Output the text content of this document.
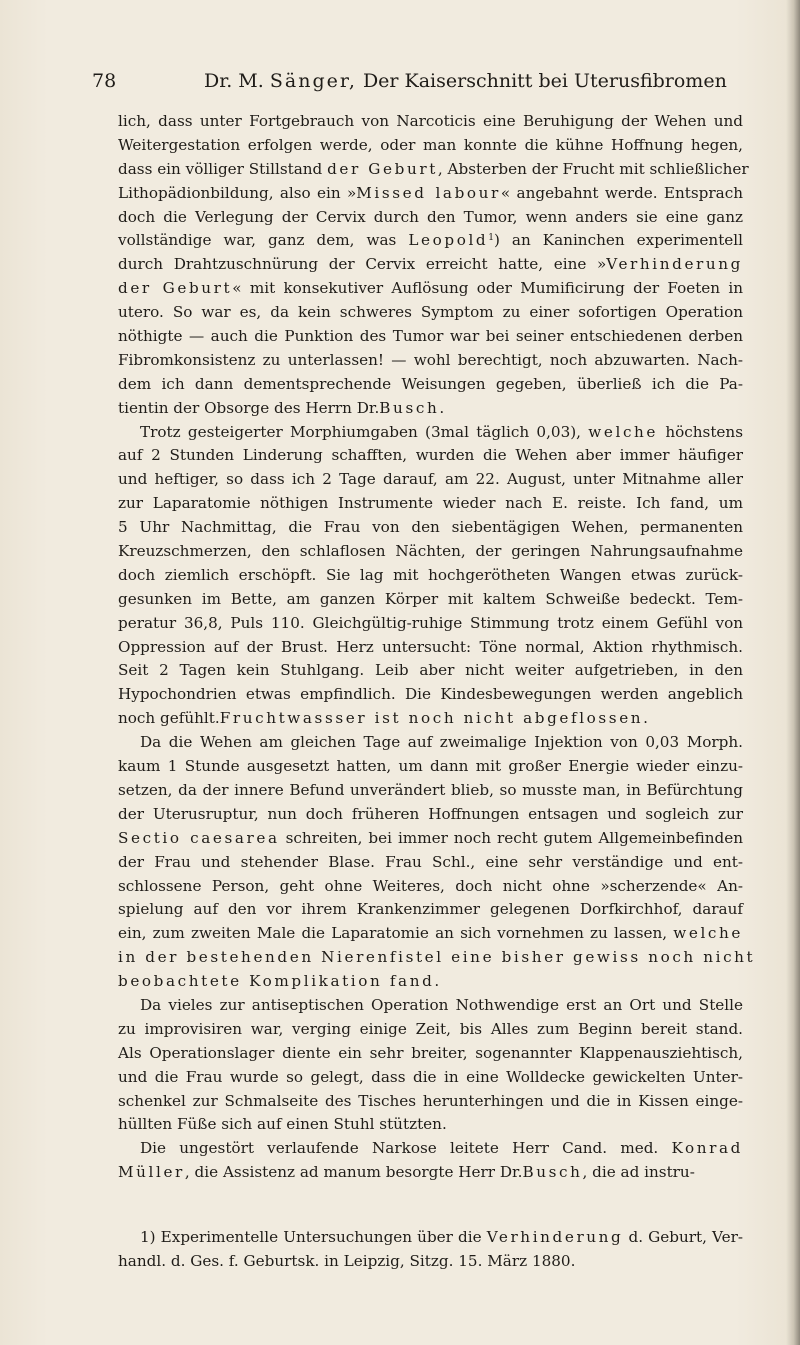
78	Dr. M. Sänger, Der Kaiserschnitt bei Uterusfibromen
lich, dass unter Fortgebrauch von Narcoticis eine Beruhigung der Wehen und
Weitergestation erfolgen werde, oder man konnte die kühne Hoffnung hegen,
dass ein völliger Stillstand der Geburt, Absterben der Frucht mit schließlicher
Lithopädionbildung, also ein »Missed labour« angebahnt werde. Entsprach
doch die Verlegung der Cervix durch den Tumor, wenn anders sie eine ganz
vollständige war, ganz dem, was Leopold$^1$) an Kaninchen experimentell
durch Drahtzuschnürung der Cervix erreicht hatte, eine »Verhinderung
der Geburt« mit konsekutiver Auflösung oder Mumificirung der Foeten in
utero. So war es, da kein schweres Symptom zu einer sofortigen Operation
nöthigte — auch die Punktion des Tumor war bei seiner entschiedenen derben
Fibromkonsistenz zu unterlassen! — wohl berechtigt, noch abzuwarten. Nach-
dem ich dann dementsprechende Weisungen gegeben, überließ ich die Pa-
tientin der Obsorge des Herrn Dr. Busch .
Trotz gesteigerter Morphiumgaben (3mal täglich 0,03), welche höchstens
auf 2 Stunden Linderung schafften, wurden die Wehen aber immer häufiger
und heftiger, so dass ich 2 Tage darauf, am 22. August, unter Mitnahme aller
zur Laparatomie nöthigen Instrumente wieder nach E. reiste. Ich fand, um
5 Uhr Nachmittag, die Frau von den siebentägigen Wehen, permanenten
Kreuzschmerzen, den schlaflosen Nächten, der geringen Nahrungsaufnahme
doch ziemlich erschöpft. Sie lag mit hochgerötheten Wangen etwas zurück-
gesunken im Bette, am ganzen Körper mit kaltem Schweiße bedeckt. Tem-
peratur 36,8, Puls 110. Gleichgültig-ruhige Stimmung trotz einem Gefühl von
Oppression auf der Brust. Herz untersucht: Töne normal, Aktion rhythmisch.
Seit 2 Tagen kein Stuhlgang. Leib aber nicht weiter aufgetrieben, in den
Hypochondrien etwas empfindlich. Die Kindesbewegungen werden angeblich
noch gefühlt. Fruchtwassser ist noch nicht abgeflossen .
Da die Wehen am gleichen Tage auf zweimalige Injektion von 0,03 Morph.
kaum 1 Stunde ausgesetzt hatten, um dann mit großer Energie wieder einzu-
setzen, da der innere Befund unverändert blieb, so musste man, in Befürchtung
der Uterusruptur, nun doch früheren Hoffnungen entsagen und sogleich zur
Sectio caesarea schreiten, bei immer noch recht gutem Allgemeinbefinden
der Frau und stehender Blase. Frau Schl., eine sehr verständige und ent-
schlossene Person, geht ohne Weiteres, doch nicht ohne »scherzende« An-
spielung auf den vor ihrem Krankenzimmer gelegenen Dorfkirchhof, darauf
ein, zum zweiten Male die Laparatomie an sich vornehmen zu lassen, welche
in der bestehenden Nierenfistel eine bisher gewiss noch nicht
beobachtete Komplikation fand .
Da vieles zur antiseptischen Operation Nothwendige erst an Ort und Stelle
zu improvisiren war, verging einige Zeit, bis Alles zum Beginn bereit stand.
Als Operationslager diente ein sehr breiter, sogenannter Klappenausziehtisch,
und die Frau wurde so gelegt, dass die in eine Wolldecke gewickelten Unter-
schenkel zur Schmalseite des Tisches herunterhingen und die in Kissen einge-
hüllten Füße sich auf einen Stuhl stützten.
Die ungestört verlaufende Narkose leitete Herr Cand. med. Konrad
Müller , die Assistenz ad manum besorgte Herr Dr. Busch , die ad instru-
1) Experimentelle Untersuchungen über die Verhinderung d. Geburt, Ver-
handl. d. Ges. f. Geburtsk. in Leipzig, Sitzg. 15. März 1880.
